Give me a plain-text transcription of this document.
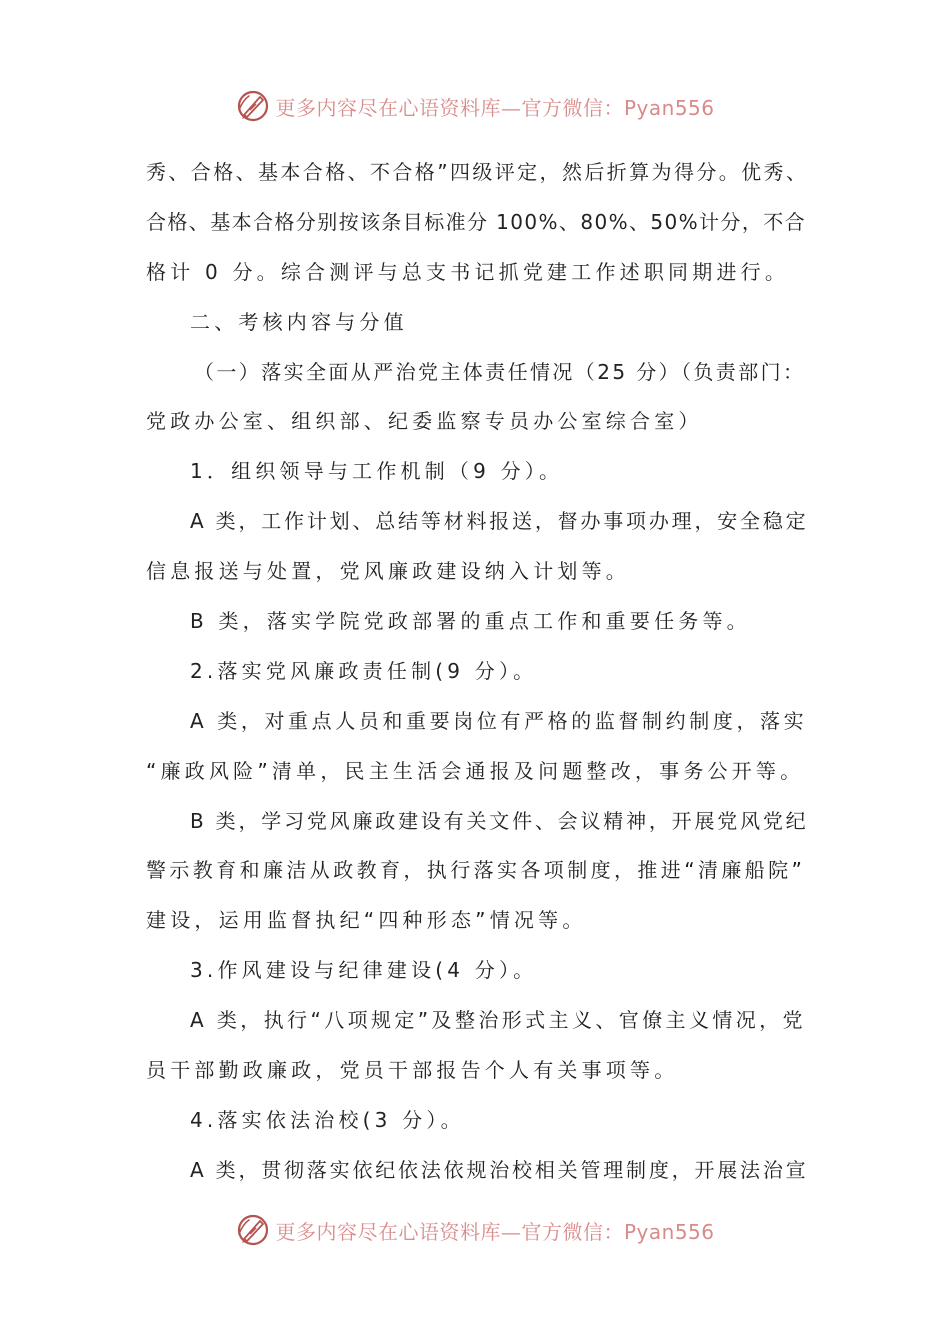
更多内容尽在心语资料库—官方微信：Pyan556
秀、合格、基本合格、不合格”四级评定，然后折算为得分。优秀、
合格、基本合格分别按该条目标准分 100%、80%、50%计分，不合
格计 0 分。综合测评与总支书记抓党建工作述职同期进行。
二、考核内容与分值
（一）落实全面从严治党主体责任情况（25 分）（负责部门：
党政办公室、组织部、纪委监察专员办公室综合室）
1．组织领导与工作机制（9 分）。
A 类，工作计划、总结等材料报送，督办事项办理，安全稳定
信息报送与处置，党风廉政建设纳入计划等。
B 类，落实学院党政部署的重点工作和重要任务等。
2.落实党风廉政责任制(9 分）。
A 类，对重点人员和重要岗位有严格的监督制约制度，落实
“廉政风险”清单，民主生活会通报及问题整改，事务公开等。
B 类，学习党风廉政建设有关文件、会议精神，开展党风党纪
警示教育和廉洁从政教育，执行落实各项制度，推进“清廉船院”
建设，运用监督执纪“四种形态”情况等。
3.作风建设与纪律建设(4 分）。
A 类，执行“八项规定”及整治形式主义、官僚主义情况，党
员干部勤政廉政，党员干部报告个人有关事项等。
4.落实依法治校(3 分）。
A 类，贯彻落实依纪依法依规治校相关管理制度，开展法治宣
更多内容尽在心语资料库—官方微信：Pyan556
